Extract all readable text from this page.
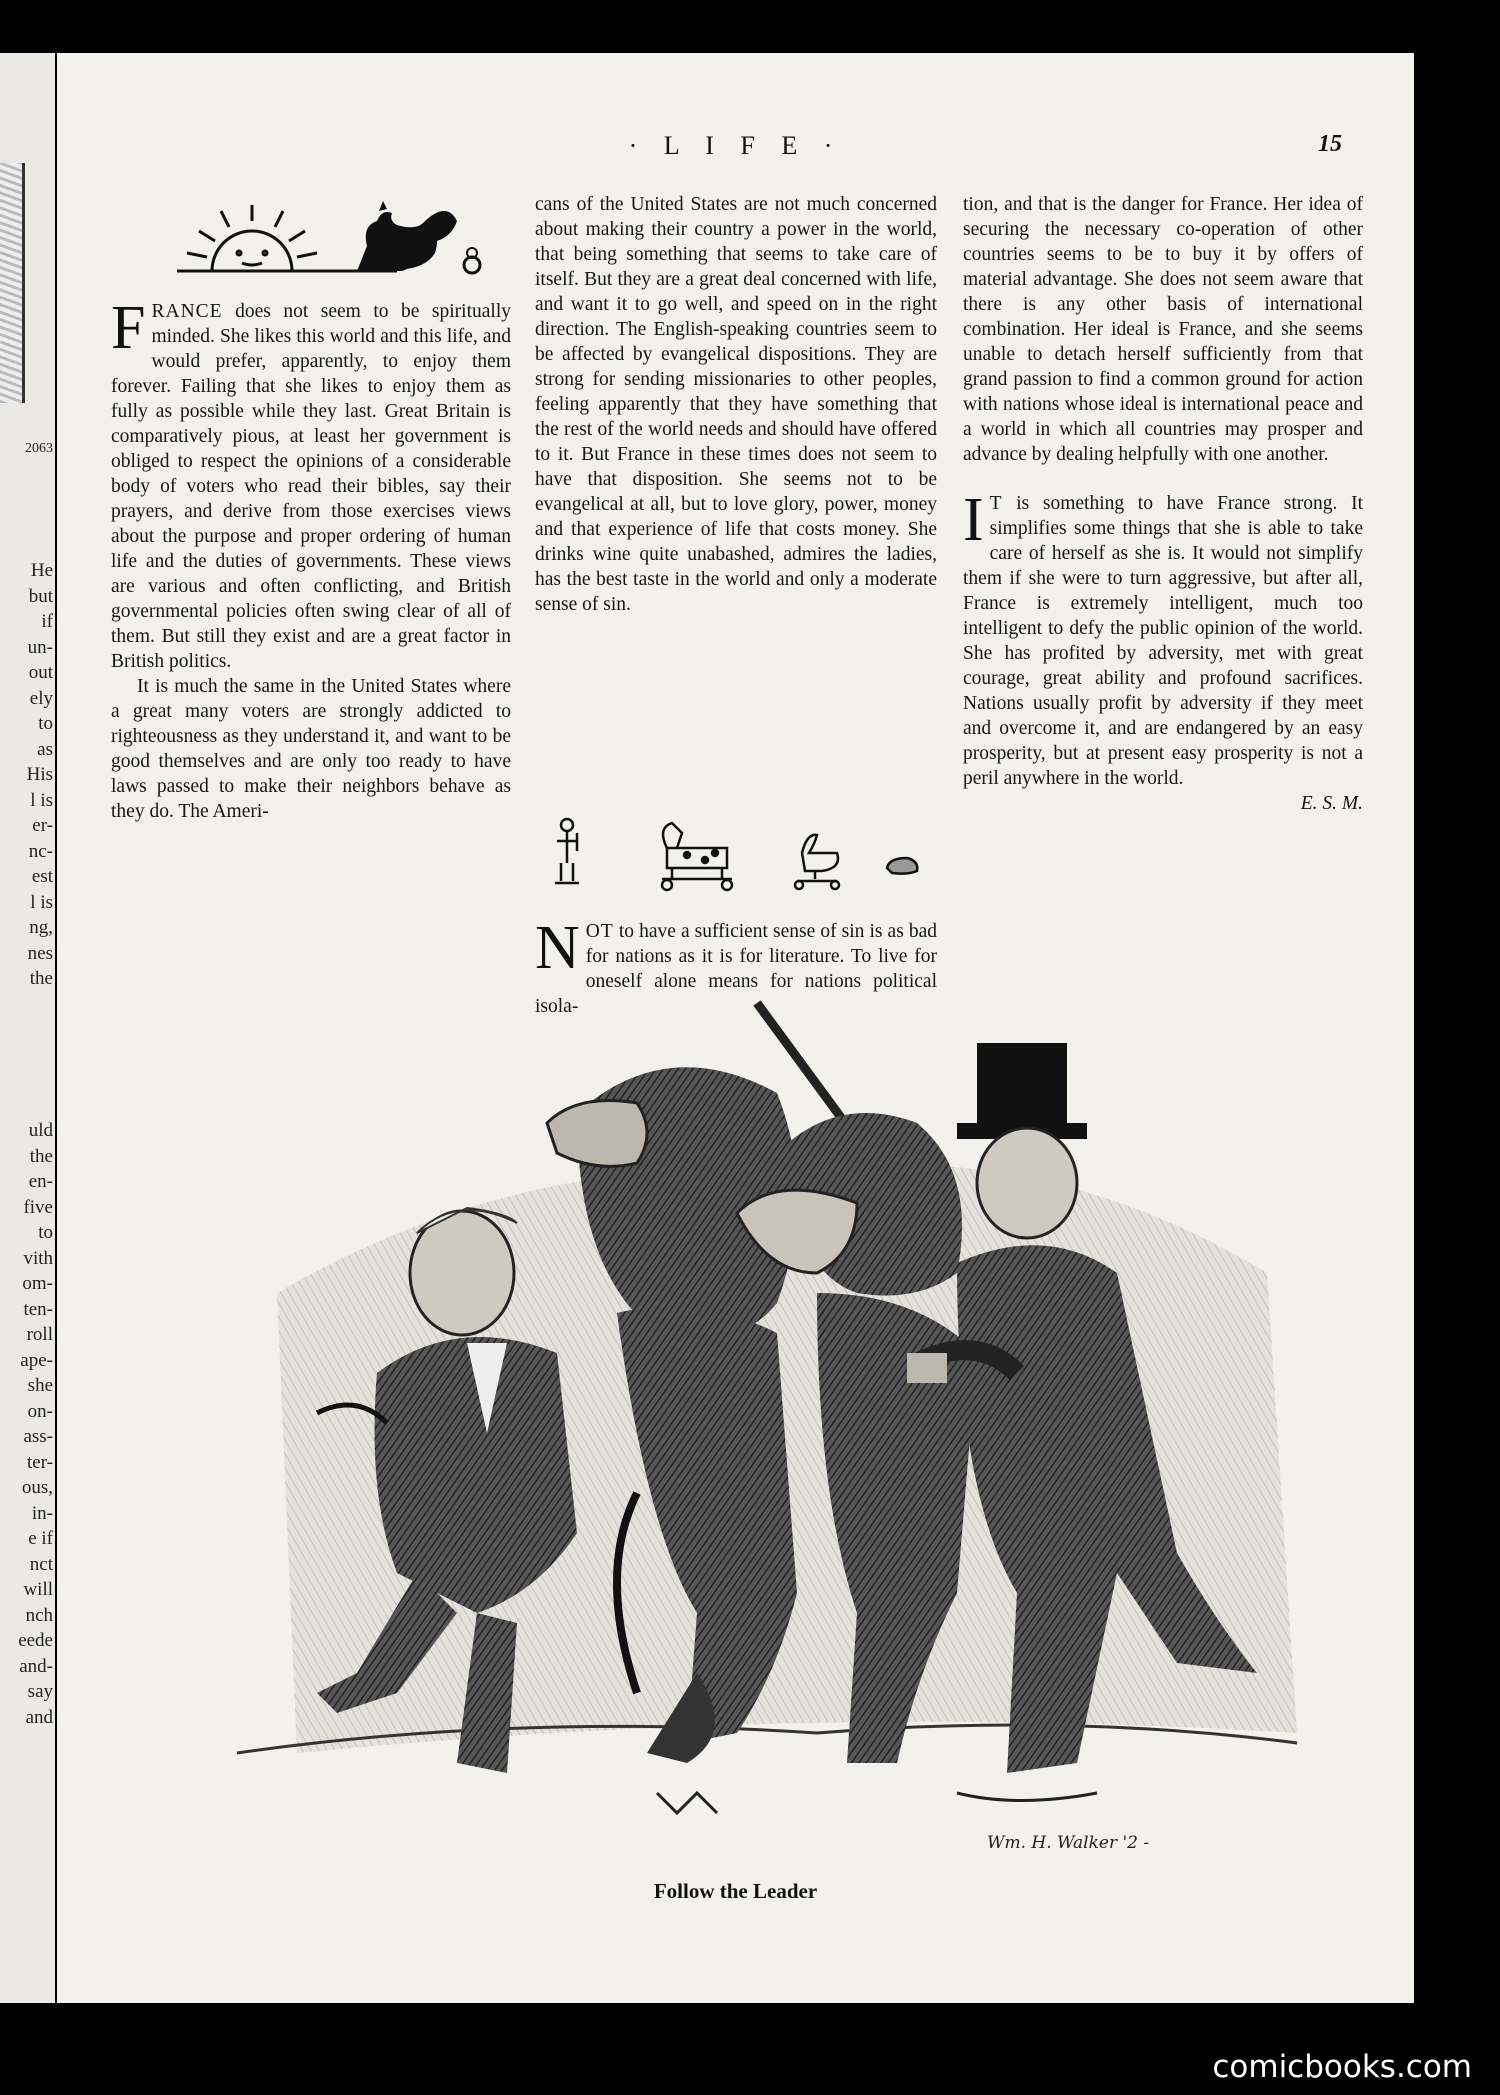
2063
He
but
if
un-
out
ely
to
as
His
l is
er-
nc-
est
l is
ng,
nes
the
uld
the
en-
five
to
vith
om-
ten-
roll
ape-
she
on-
ass-
ter-
ous,
in-
e if
nct
will
nch
eede
and-
say
and
· L I F E ·	15

FRANCE does not seem to be spiritually minded. She likes this world and this life, and would prefer, apparently, to enjoy them forever. Failing that she likes to enjoy them as fully as possible while they last. Great Britain is comparatively pious, at least her government is obliged to respect the opinions of a considerable body of voters who read their bibles, say their prayers, and derive from those exercises views about the purpose and proper ordering of human life and the duties of governments. These views are various and often conflicting, and British governmental policies often swing clear of all of them. But still they exist and are a great factor in British politics.

It is much the same in the United States where a great many voters are strongly addicted to righteousness as they understand it, and want to be good themselves and are only too ready to have laws passed to make their neighbors behave as they do. The Ameri-

cans of the United States are not much concerned about making their country a power in the world, that being something that seems to take care of itself. But they are a great deal concerned with life, and want it to go well, and speed on in the right direction. The English-speaking countries seem to be affected by evangelical dispositions. They are strong for sending missionaries to other peoples, feeling apparently that they have something that the rest of the world needs and should have offered to it. But France in these times does not seem to have that disposition. She seems not to be evangelical at all, but to love glory, power, money and that experience of life that costs money. She drinks wine quite unabashed, admires the ladies, has the best taste in the world and only a moderate sense of sin.

NOT to have a sufficient sense of sin is as bad for nations as it is for literature. To live for oneself alone means for nations political isola-

tion, and that is the danger for France. Her idea of securing the necessary co-operation of other countries seems to be to buy it by offers of material advantage. She does not seem aware that there is any other basis of international combination. Her ideal is France, and she seems unable to detach herself sufficiently from that grand passion to find a common ground for action with nations whose ideal is international peace and a world in which all countries may prosper and advance by dealing helpfully with one another.

I T is something to have France strong. It simplifies some things that she is able to take care of herself as she is. It would not simplify them if she were to turn aggressive, but after all, France is extremely intelligent, much too intelligent to defy the public opinion of the world. She has profited by adversity, met with great courage, great ability and profound sacrifices. Nations usually profit by adversity if they meet and overcome it, and are endangered by an easy prosperity, but at present easy prosperity is not a peril anywhere in the world.

E. S. M.

Wm. H. Walker '2 -
Follow the Leader
comicbooks.com
